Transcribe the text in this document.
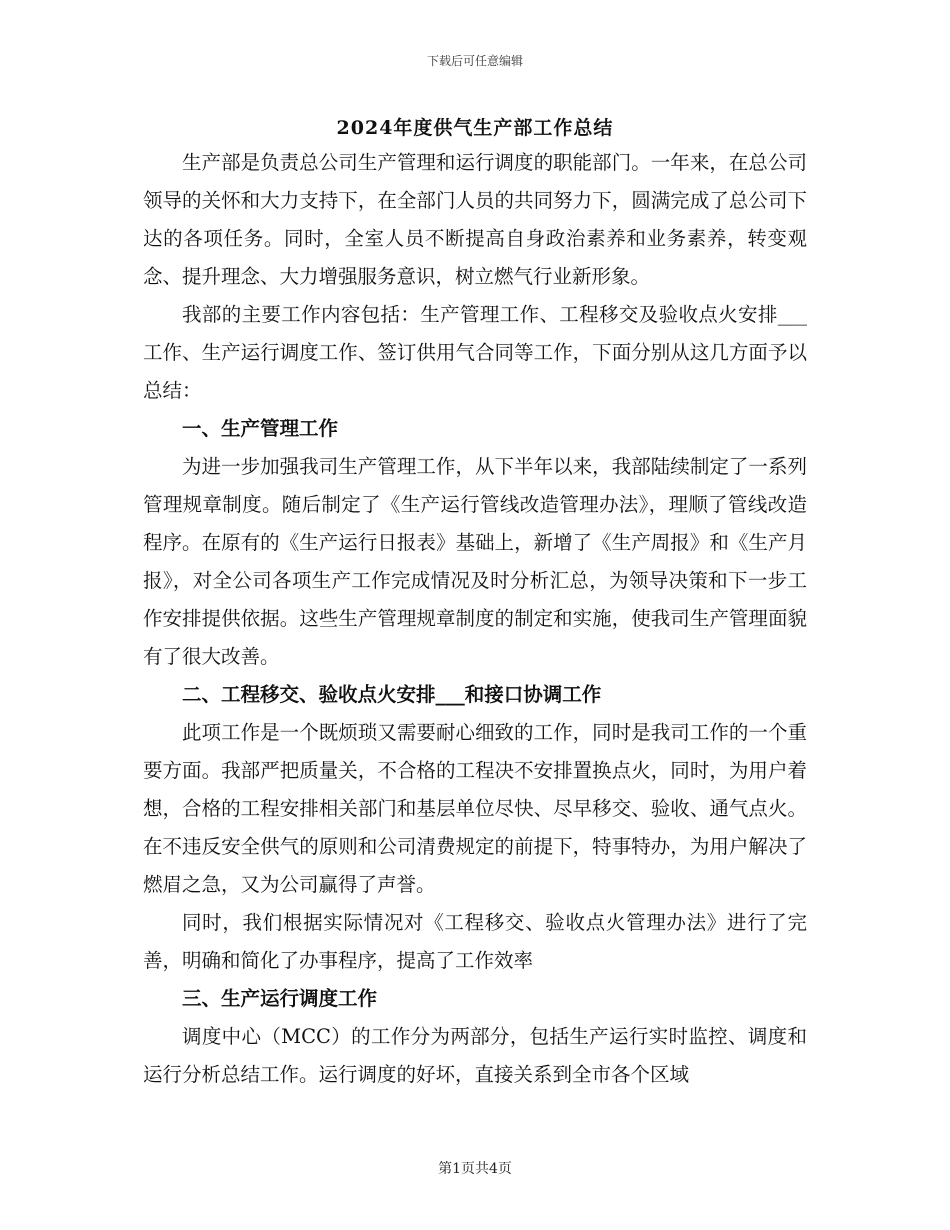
下载后可任意编辑
2024年度供气生产部工作总结

生产部是负责总公司生产管理和运行调度的职能部门。一年来，在总公司领导的关怀和大力支持下，在全部门人员的共同努力下，圆满完成了总公司下达的各项任务。同时，全室人员不断提高自身政治素养和业务素养，转变观念、提升理念、大力增强服务意识，树立燃气行业新形象。

我部的主要工作内容包括：生产管理工作、工程移交及验收点火安排___工作、生产运行调度工作、签订供用气合同等工作，下面分别从这几方面予以总结：

一、生产管理工作

为进一步加强我司生产管理工作，从下半年以来，我部陆续制定了一系列管理规章制度。随后制定了《生产运行管线改造管理办法》，理顺了管线改造程序。在原有的《生产运行日报表》基础上，新增了《生产周报》和《生产月报》，对全公司各项生产工作完成情况及时分析汇总，为领导决策和下一步工作安排提供依据。这些生产管理规章制度的制定和实施，使我司生产管理面貌有了很大改善。

二、工程移交、验收点火安排___和接口协调工作

此项工作是一个既烦琐又需要耐心细致的工作，同时是我司工作的一个重要方面。我部严把质量关，不合格的工程决不安排置换点火，同时，为用户着想，合格的工程安排相关部门和基层单位尽快、尽早移交、验收、通气点火。在不违反安全供气的原则和公司清费规定的前提下，特事特办，为用户解决了燃眉之急，又为公司赢得了声誉。

同时，我们根据实际情况对《工程移交、验收点火管理办法》进行了完善，明确和简化了办事程序，提高了工作效率

三、生产运行调度工作

调度中心（MCC）的工作分为两部分，包括生产运行实时监控、调度和运行分析总结工作。运行调度的好坏，直接关系到全市各个区域

第1页共4页
